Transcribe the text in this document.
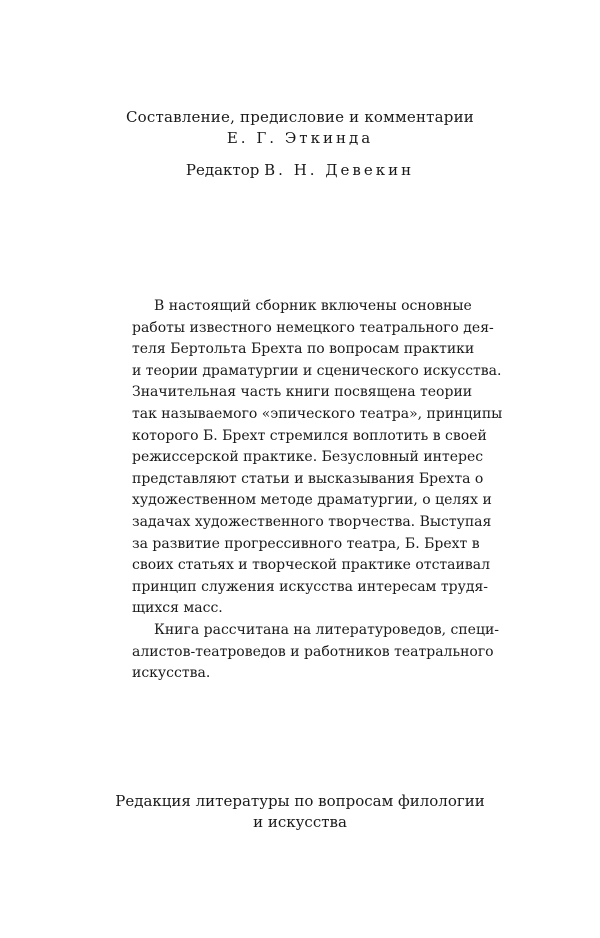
Составление, предисловие и комментарии
Е. Г. Эткинда
Редактор В. Н. Девекин
В настоящий сборник включены основные
работы известного немецкого театрального дея-
теля Бертольта Брехта по вопросам практики
и теории драматургии и сценического искусства.
Значительная часть книги посвящена теории
так называемого «эпического театра», принципы
которого Б. Брехт стремился воплотить в своей
режиссерской практике. Безусловный интерес
представляют статьи и высказывания Брехта о
художественном методе драматургии, о целях и
задачах художественного творчества. Выступая
за развитие прогрессивного театра, Б. Брехт в
своих статьях и творческой практике отстаивал
принцип служения искусства интересам трудя-
щихся масс.
Книга рассчитана на литературоведов, специ-
алистов-театроведов и работников театрального
искусства.
Редакция литературы по вопросам филологии
и искусства
